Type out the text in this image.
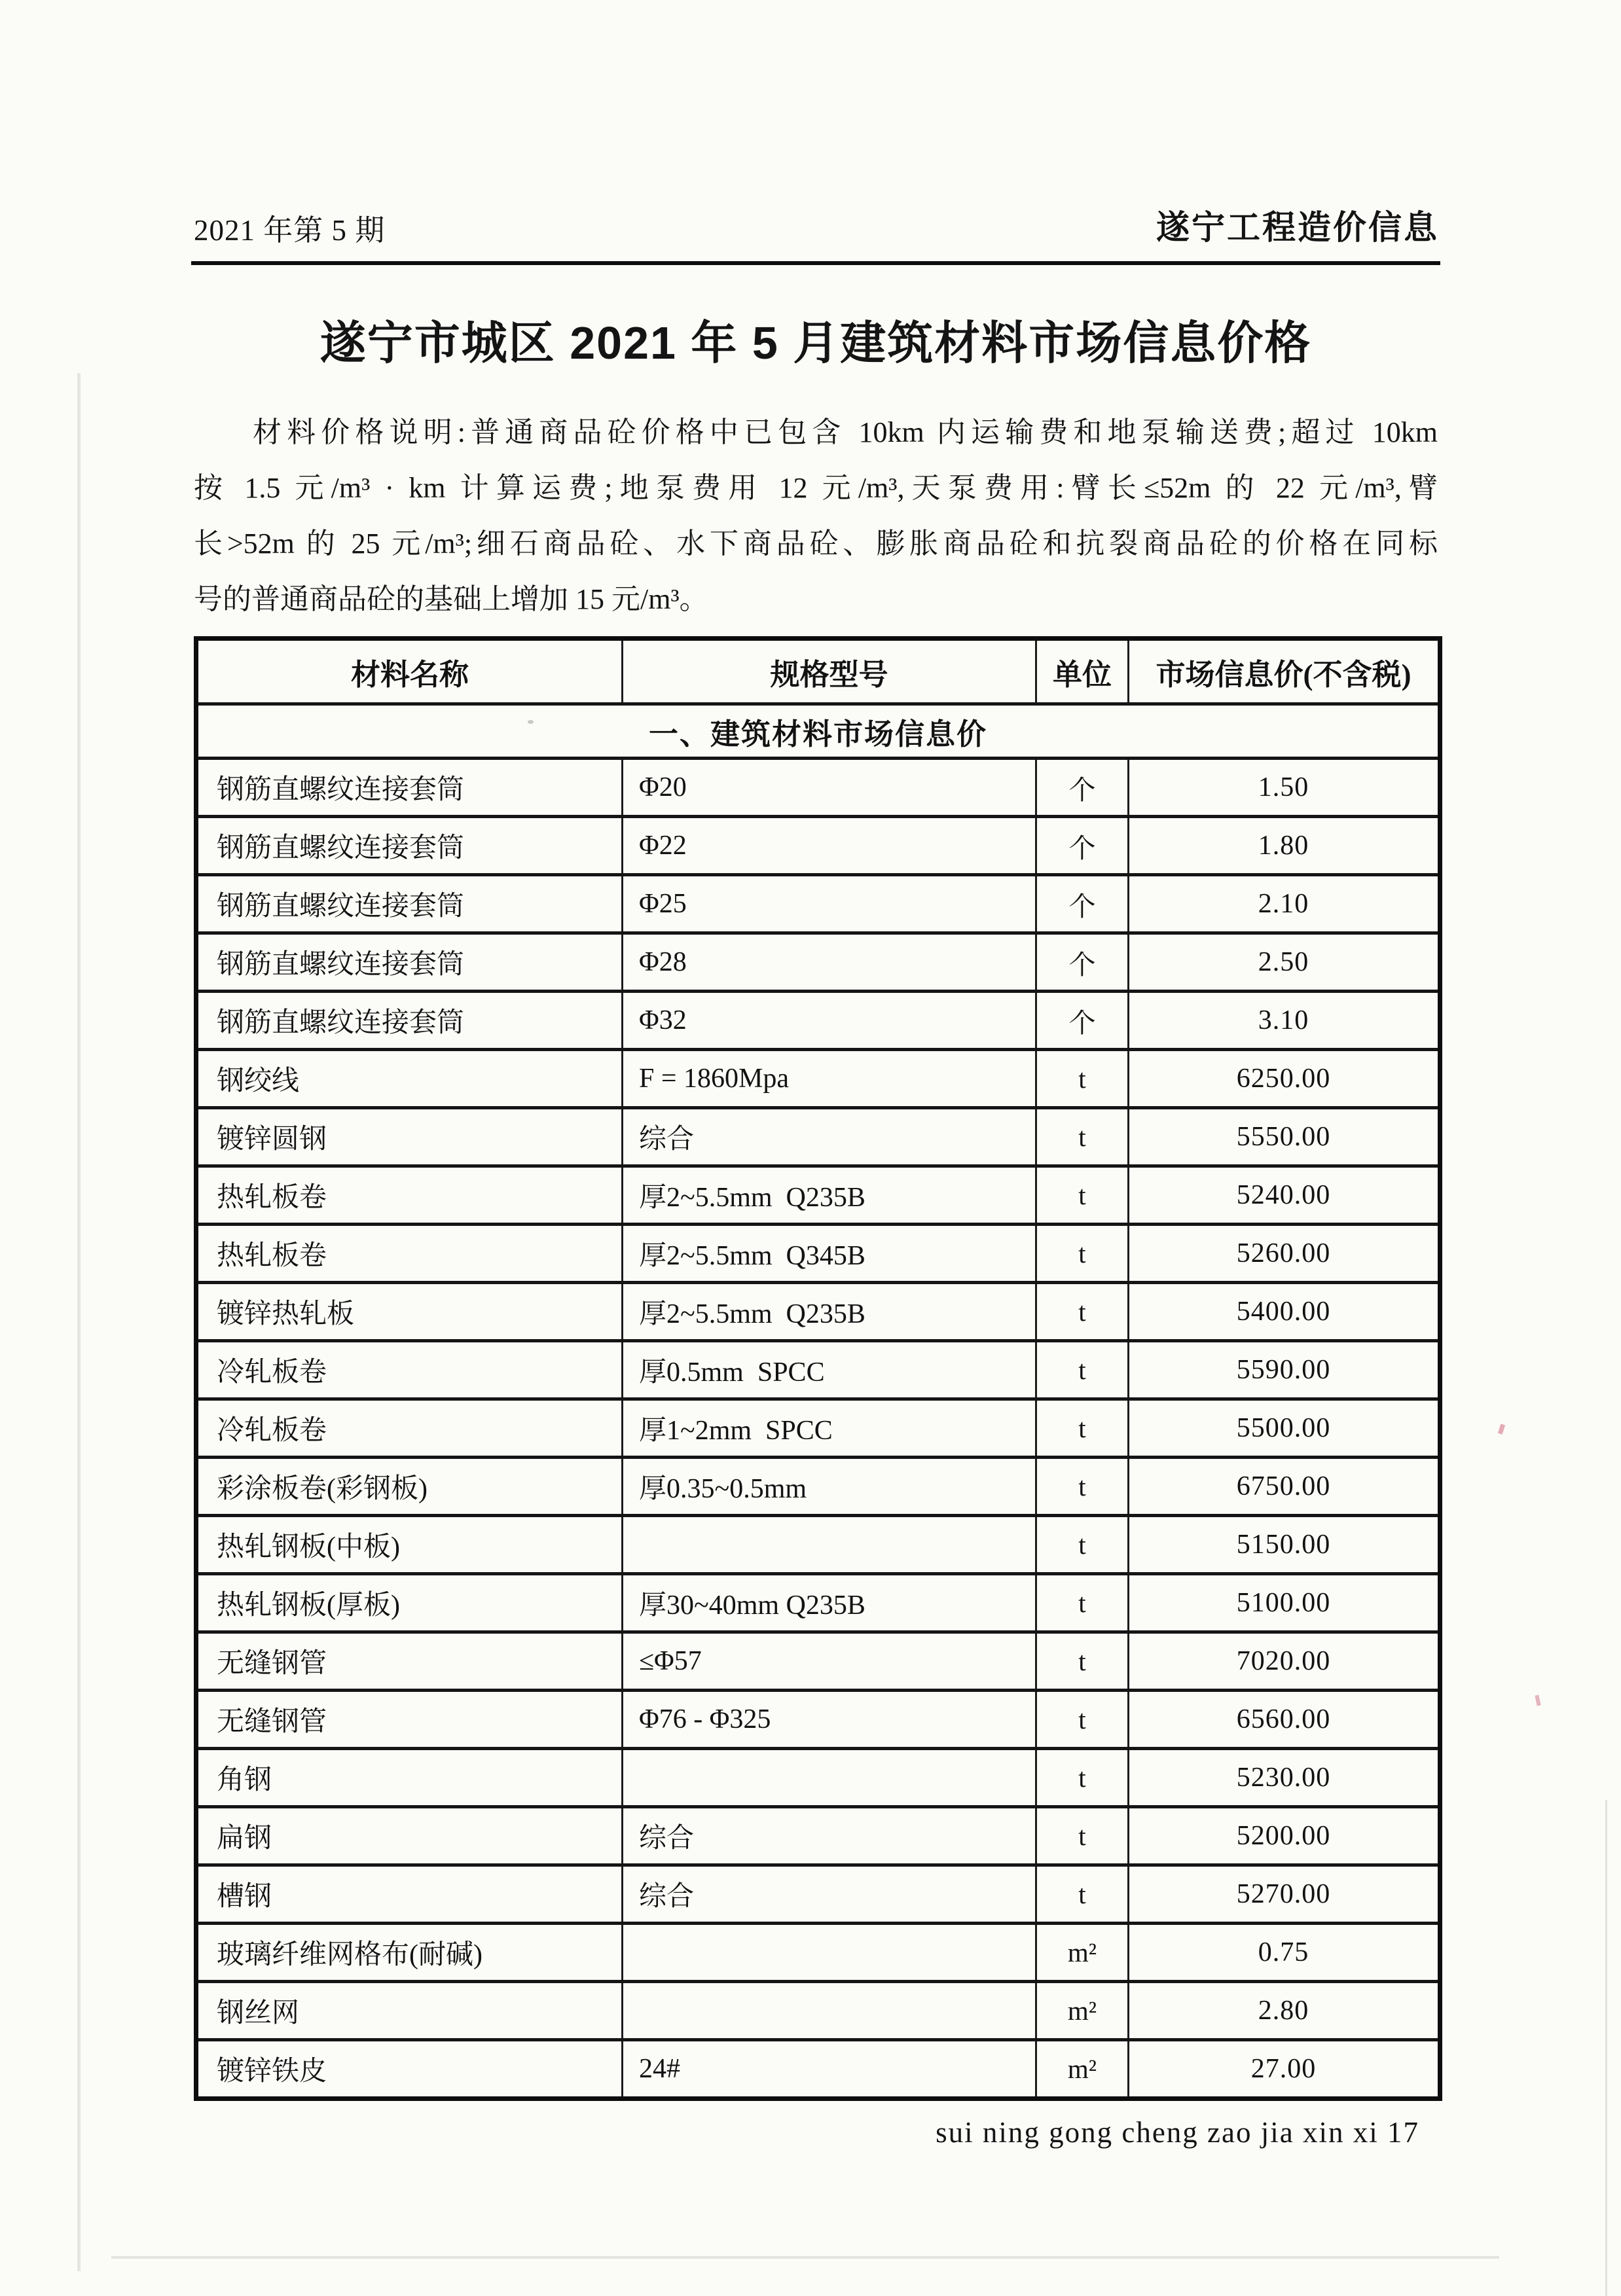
2021 年第 5 期	遂宁工程造价信息
遂宁市城区 2021 年 5 月建筑材料市场信息价格
材料价格说明:普通商品砼价格中已包含 10km 内运输费和地泵输送费;超过 10km
按 1.5 元/m³ · km 计算运费;地泵费用 12 元/m³,天泵费用:臂长≤52m 的 22 元/m³,臂
长>52m 的 25 元/m³;细石商品砼、水下商品砼、膨胀商品砼和抗裂商品砼的价格在同标
号的普通商品砼的基础上增加 15 元/m³。
材料名称	规格型号	单位	市场信息价(不含税)
一、建筑材料市场信息价			
钢筋直螺纹连接套筒	Φ20	个	1.50
钢筋直螺纹连接套筒	Φ22	个	1.80
钢筋直螺纹连接套筒	Φ25	个	2.10
钢筋直螺纹连接套筒	Φ28	个	2.50
钢筋直螺纹连接套筒	Φ32	个	3.10
钢绞线	F = 1860Mpa	t	6250.00
镀锌圆钢	综合	t	5550.00
热轧板卷	厚2~5.5mm  Q235B	t	5240.00
热轧板卷	厚2~5.5mm  Q345B	t	5260.00
镀锌热轧板	厚2~5.5mm  Q235B	t	5400.00
冷轧板卷	厚0.5mm  SPCC	t	5590.00
冷轧板卷	厚1~2mm  SPCC	t	5500.00
彩涂板卷(彩钢板)	厚0.35~0.5mm	t	6750.00
热轧钢板(中板)		t	5150.00
热轧钢板(厚板)	厚30~40mm Q235B	t	5100.00
无缝钢管	≤Φ57	t	7020.00
无缝钢管	Φ76 - Φ325	t	6560.00
角钢		t	5230.00
扁钢	综合	t	5200.00
槽钢	综合	t	5270.00
玻璃纤维网格布(耐碱)		m²	0.75
钢丝网		m²	2.80
镀锌铁皮	24#	m²	27.00
sui ning gong cheng zao jia xin xi 17
